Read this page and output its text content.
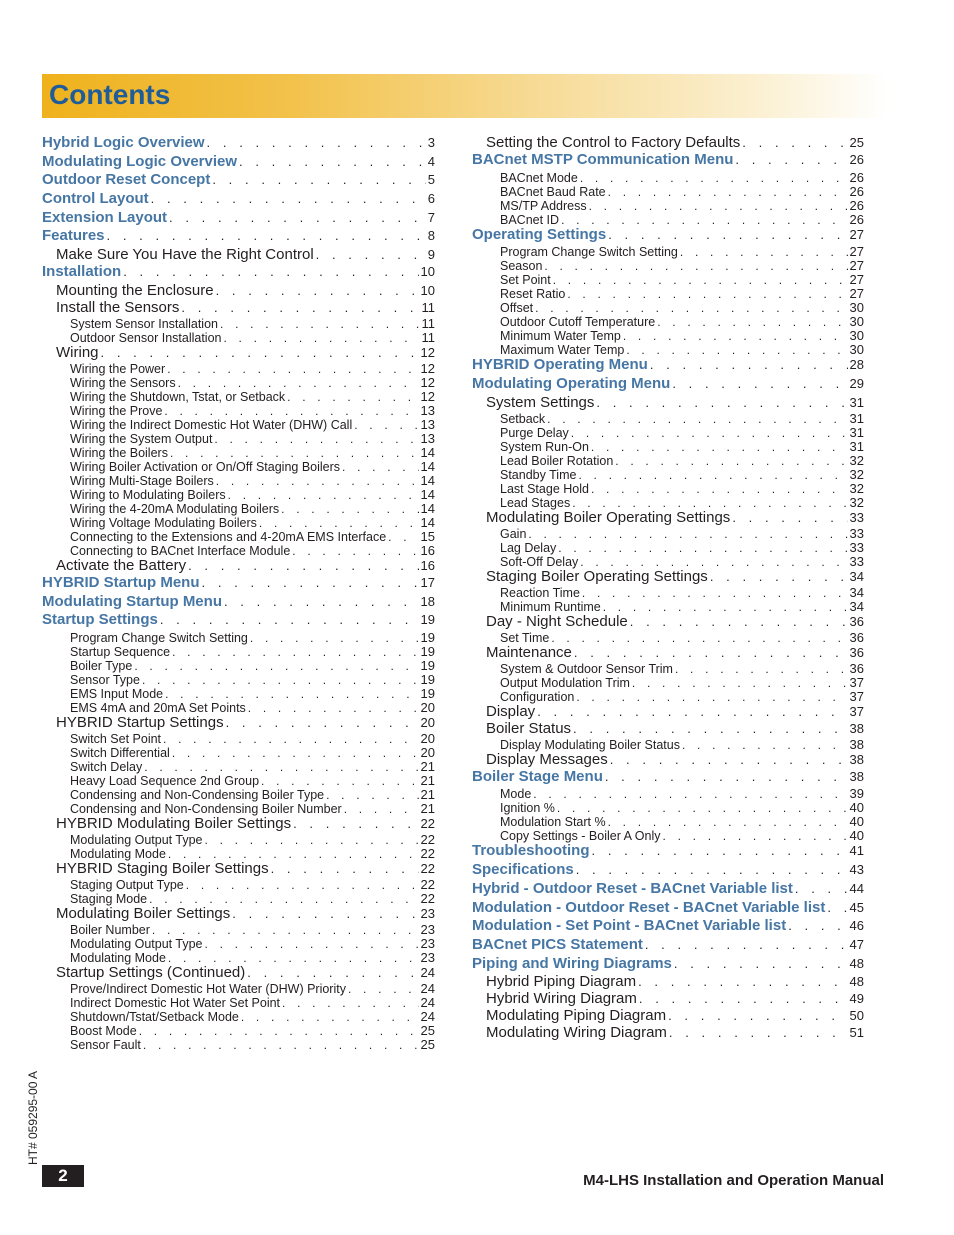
Contents
Hybrid Logic Overview . . .	3
Modulating Logic Overview . . .	4
Outdoor Reset Concept . . .	5
Control Layout . . .	6
Extension Layout . . .	7
Features . . .	8
Make Sure You Have the Right Control . . .	9
Installation . . .	10
Mounting the Enclosure . . .	10
Install the Sensors . . .	11
System Sensor Installation . . .	11
Outdoor Sensor Installation . . .	11
Wiring . . .	12
Wiring the Power . . .	12
Wiring the Sensors . . .	12
Wiring the Shutdown, Tstat, or Setback . . .	12
Wiring the Prove . . .	13
Wiring the Indirect Domestic Hot Water (DHW) Call . . .	13
Wiring the System Output . . .	13
Wiring the Boilers . . .	14
Wiring Boiler Activation or On/Off Staging Boilers . . .	14
Wiring Multi-Stage Boilers . . .	14
Wiring to Modulating Boilers . . .	14
Wiring the 4-20mA Modulating Boilers . . .	14
Wiring Voltage Modulating Boilers . . .	14
Connecting to the Extensions and 4-20mA EMS Interface . . .	15
Connecting to BACnet Interface Module . . .	16
Activate the Battery . . .	16
HYBRID Startup Menu . . .	17
Modulating Startup Menu . . .	18
Startup Settings . . .	19
Program Change Switch Setting . . .	19
Startup Sequence . . .	19
Boiler Type . . .	19
Sensor Type . . .	19
EMS Input Mode . . .	19
EMS 4mA and 20mA Set Points . . .	20
HYBRID Startup Settings . . .	20
Switch Set Point . . .	20
Switch Differential . . .	20
Switch Delay . . .	21
Heavy Load Sequence 2nd Group . . .	21
Condensing and Non-Condensing Boiler Type . . .	21
Condensing and Non-Condensing Boiler Number . . .	21
HYBRID Modulating Boiler Settings . . .	22
Modulating Output Type . . .	22
Modulating Mode . . .	22
HYBRID Staging Boiler Settings . . .	22
Staging Output Type . . .	22
Staging Mode . . .	22
Modulating Boiler Settings . . .	23
Boiler Number . . .	23
Modulating Output Type . . .	23
Modulating Mode . . .	23
Startup Settings (Continued) . . .	24
Prove/Indirect Domestic Hot Water (DHW) Priority . . .	24
Indirect Domestic Hot Water Set Point . . .	24
Shutdown/Tstat/Setback Mode . . .	24
Boost Mode . . .	25
Sensor Fault . . .	25
Setting the Control to Factory Defaults . . .	25
BACnet MSTP Communication Menu . . .	26
BACnet Mode . . .	26
BACnet Baud Rate . . .	26
MS/TP Address . . .	26
BACnet ID . . .	26
Operating Settings . . .	27
Program Change Switch Setting . . .	27
Season . . .	27
Set Point . . .	27
Reset Ratio . . .	27
Offset . . .	30
Outdoor Cutoff Temperature . . .	30
Minimum Water Temp . . .	30
Maximum Water Temp . . .	30
HYBRID Operating Menu . . .	28
Modulating Operating Menu . . .	29
System Settings . . .	31
Setback . . .	31
Purge Delay . . .	31
System Run-On . . .	31
Lead Boiler Rotation . . .	32
Standby Time . . .	32
Last Stage Hold . . .	32
Lead Stages . . .	32
Modulating Boiler Operating Settings . . .	33
Gain . . .	33
Lag Delay . . .	33
Soft-Off Delay . . .	33
Staging Boiler Operating Settings . . .	34
Reaction Time . . .	34
Minimum Runtime . . .	34
Day - Night Schedule . . .	36
Set Time . . .	36
Maintenance . . .	36
System & Outdoor Sensor Trim . . .	36
Output Modulation Trim . . .	37
Configuration . . .	37
Display . . .	37
Boiler Status . . .	38
Display Modulating Boiler Status . . .	38
Display Messages . . .	38
Boiler Stage Menu . . .	38
Mode . . .	39
Ignition % . . .	40
Modulation Start % . . .	40
Copy Settings - Boiler A Only . . .	40
Troubleshooting . . .	41
Specifications . . .	43
Hybrid - Outdoor Reset - BACnet Variable list . . .	44
Modulation - Outdoor Reset - BACnet Variable list . . . 45
Modulation - Set Point - BACnet Variable list . . .	46
BACnet PICS Statement . . .	47
Piping and Wiring Diagrams . . .	48
Hybrid Piping Diagram . . .	48
Hybrid Wiring Diagram . . .	49
Modulating Piping Diagram . . .	50
Modulating Wiring Diagram . . .	51
HT# 059295-00 A
2	M4-LHS Installation and Operation Manual
